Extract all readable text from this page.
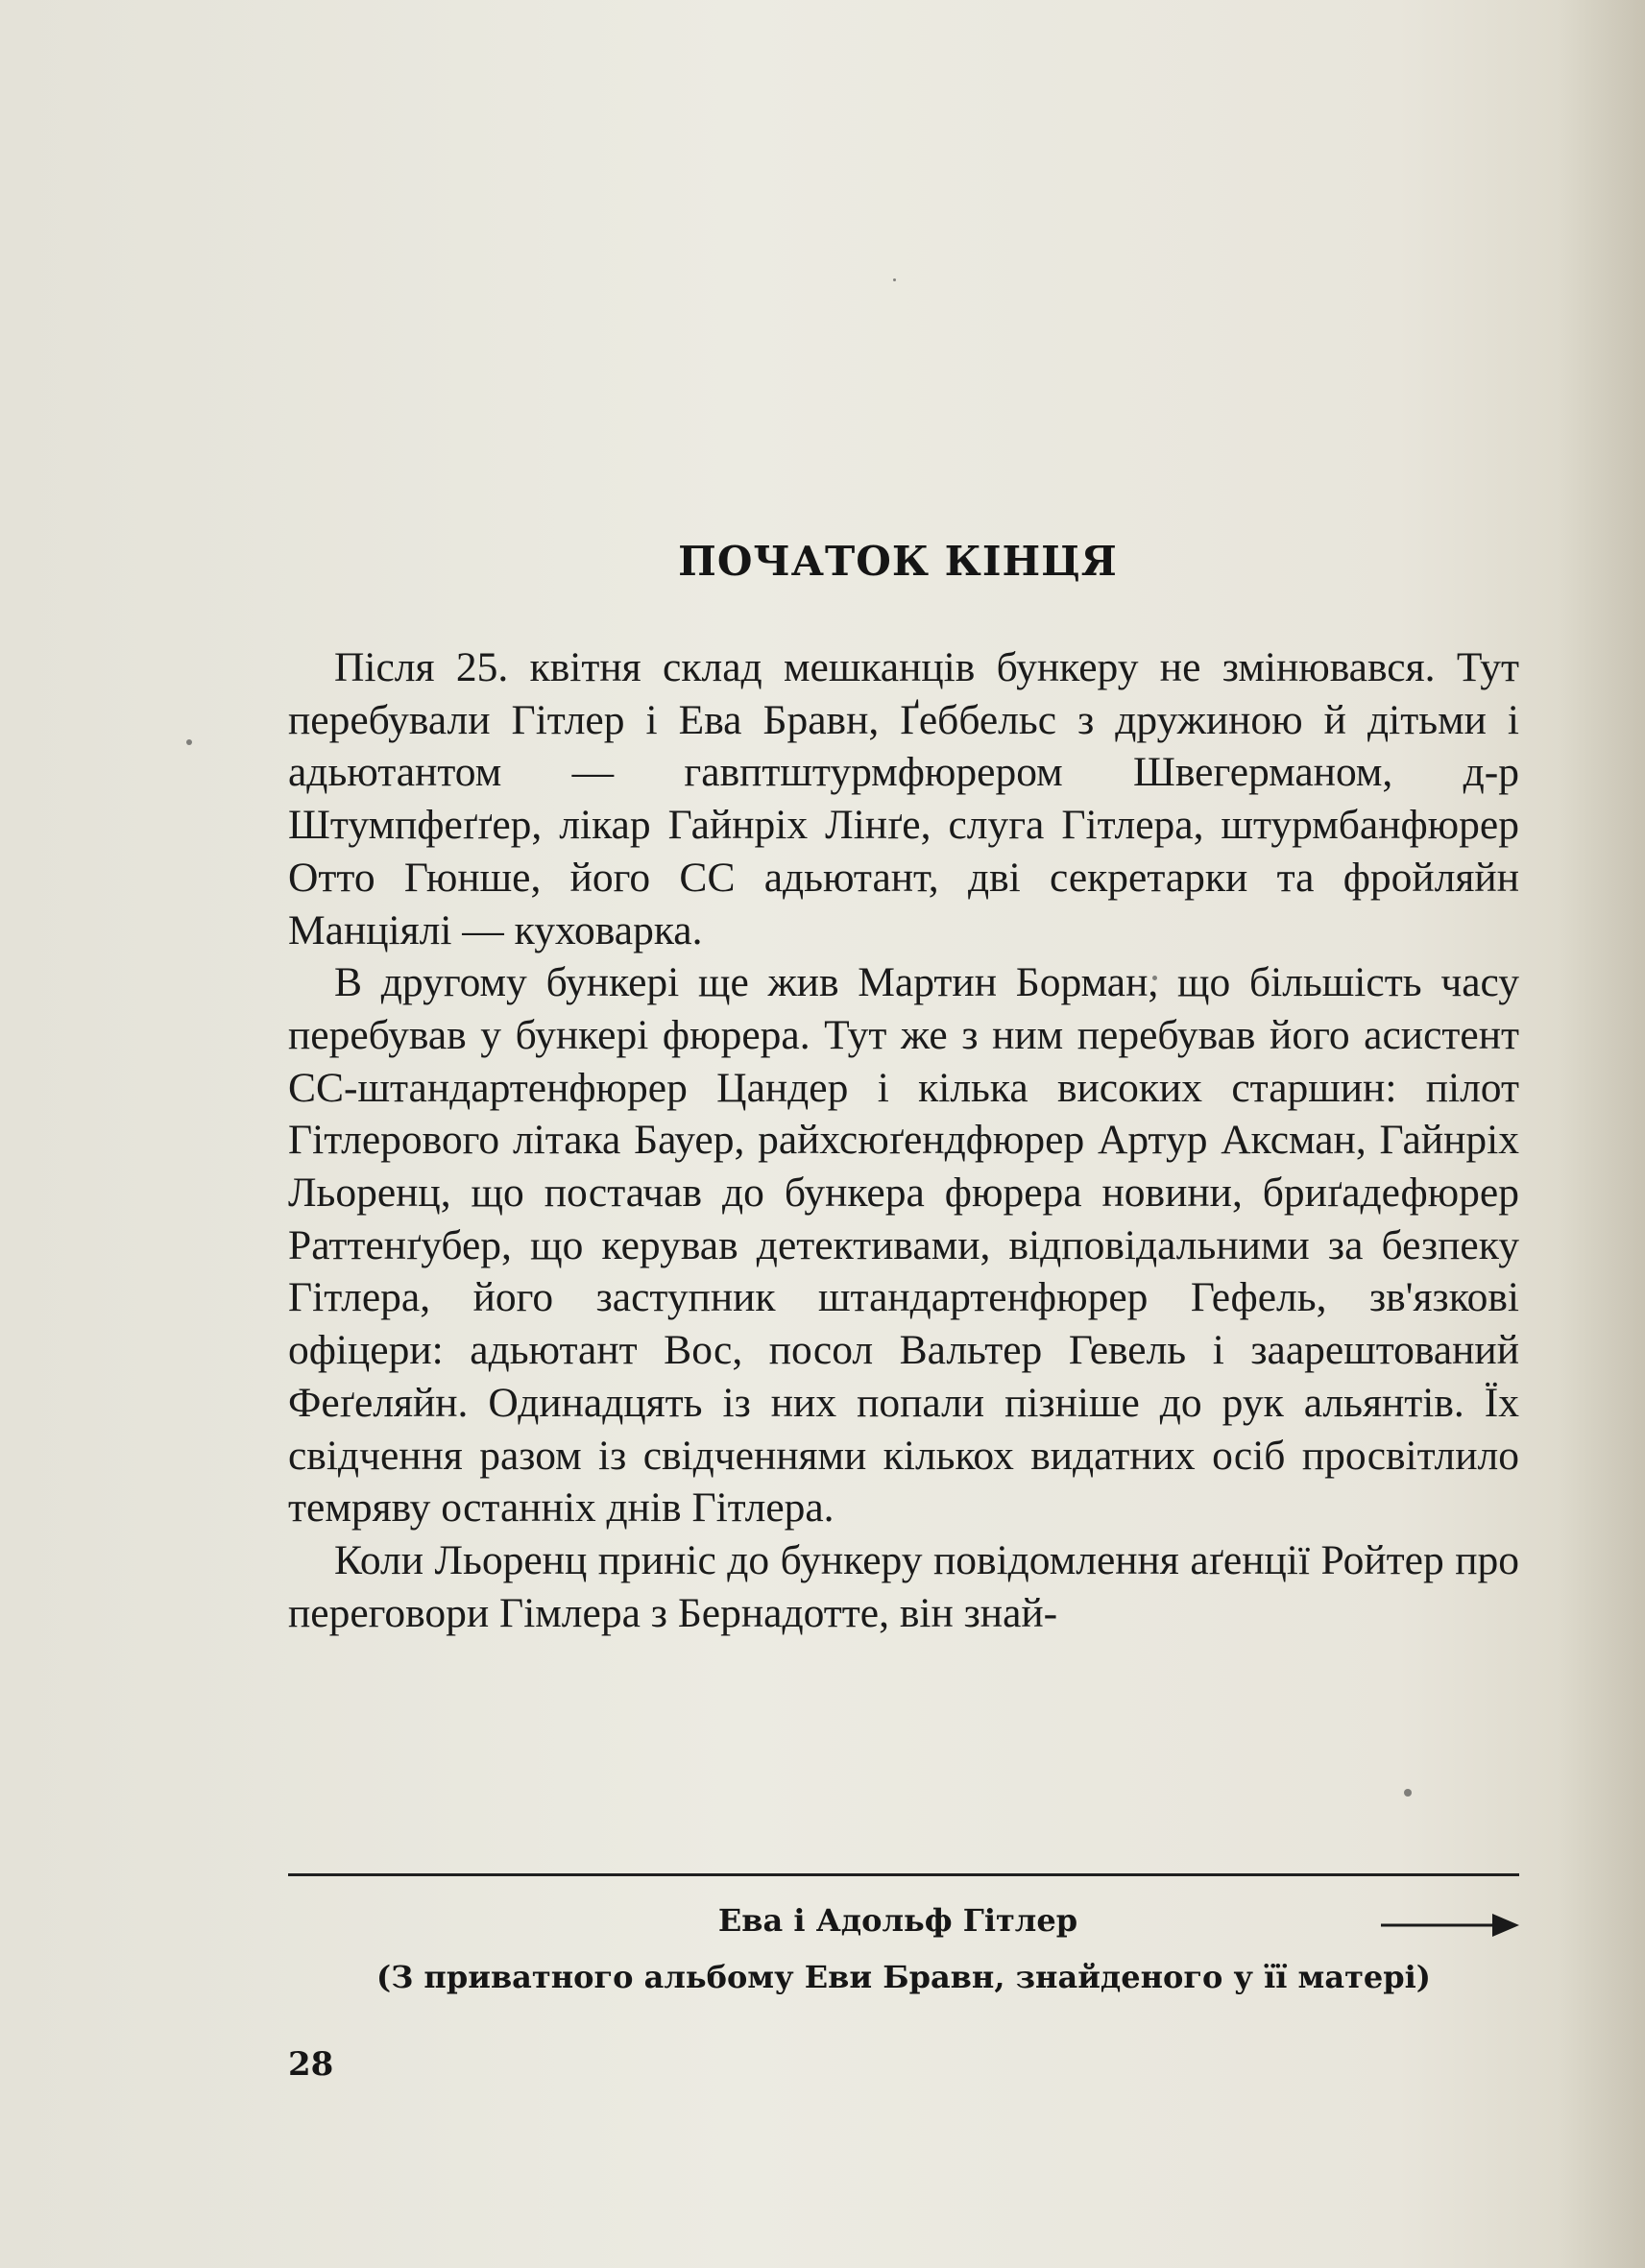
ПОЧАТОК КІНЦЯ

Після 25. квітня склад мешканців бункеру не змінювався. Тут перебували Гітлер і Ева Бравн, Ґеббельс з дружиною й дітьми і адьютантом — гавптштурмфюрером Швегерманом, д-р Штумпфеґґер, лікар Гайнріх Лінґе, слуга Гітлера, штурмбанфюрер Отто Гюнше, його СС адьютант, дві секретарки та фройляйн Манціялі — куховарка.

В другому бункері ще жив Мартин Борман, що більшість часу перебував у бункері фюрера. Тут же з ним перебував його асистент СС-штандартенфюрер Цандер і кілька високих старшин: пілот Гітлерового літака Бауер, райхсюґендфюрер Артур Аксман, Гайнріх Льоренц, що постачав до бункера фюрера новини, бриґадефюрер Раттенґубер, що керував детективами, відповідальними за безпеку Гітлера, його заступник штандартенфюрер Гефель, зв'язкові офіцери: адьютант Вос, посол Вальтер Гевель і заарештований Феґеляйн. Одинадцять із них попали пізніше до рук альянтів. Їх свідчення разом із свідченнями кількох видатних осіб просвітлило темряву останніх днів Гітлера.

Коли Льоренц приніс до бункеру повідомлення аґенції Ройтер про переговори Гімлера з Бернадотте, він знай-

Ева і Адольф Гітлер
(З приватного альбому Еви Бравн, знайденого у її матері)
28
